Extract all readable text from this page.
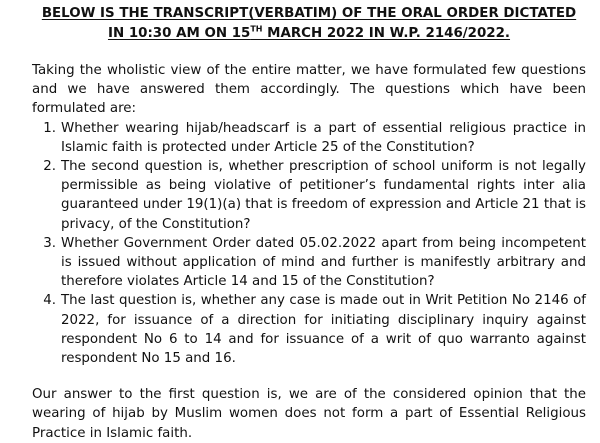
BELOW IS THE TRANSCRIPT(VERBATIM) OF THE ORAL ORDER DICTATED
IN 10:30 AM ON 15TH MARCH 2022 IN W.P. 2146/2022.

Taking the wholistic view of the entire matter, we have formulated few questions and we have answered them accordingly. The questions which have been formulated are:

1. Whether wearing hijab/headscarf is a part of essential religious practice in Islamic faith is protected under Article 25 of the Constitution?
2. The second question is, whether prescription of school uniform is not legally permissible as being violative of petitioner’s fundamental rights inter alia guaranteed under 19(1)(a) that is freedom of expression and Article 21 that is privacy, of the Constitution?
3. Whether Government Order dated 05.02.2022 apart from being incompetent is issued without application of mind and further is manifestly arbitrary and therefore violates Article 14 and 15 of the Constitution?
4. The last question is, whether any case is made out in Writ Petition No 2146 of 2022, for issuance of a direction for initiating disciplinary inquiry against respondent No 6 to 14 and for issuance of a writ of quo warranto against respondent No 15 and 16.

Our answer to the first question is, we are of the considered opinion that the wearing of hijab by Muslim women does not form a part of Essential Religious Practice in Islamic faith.
